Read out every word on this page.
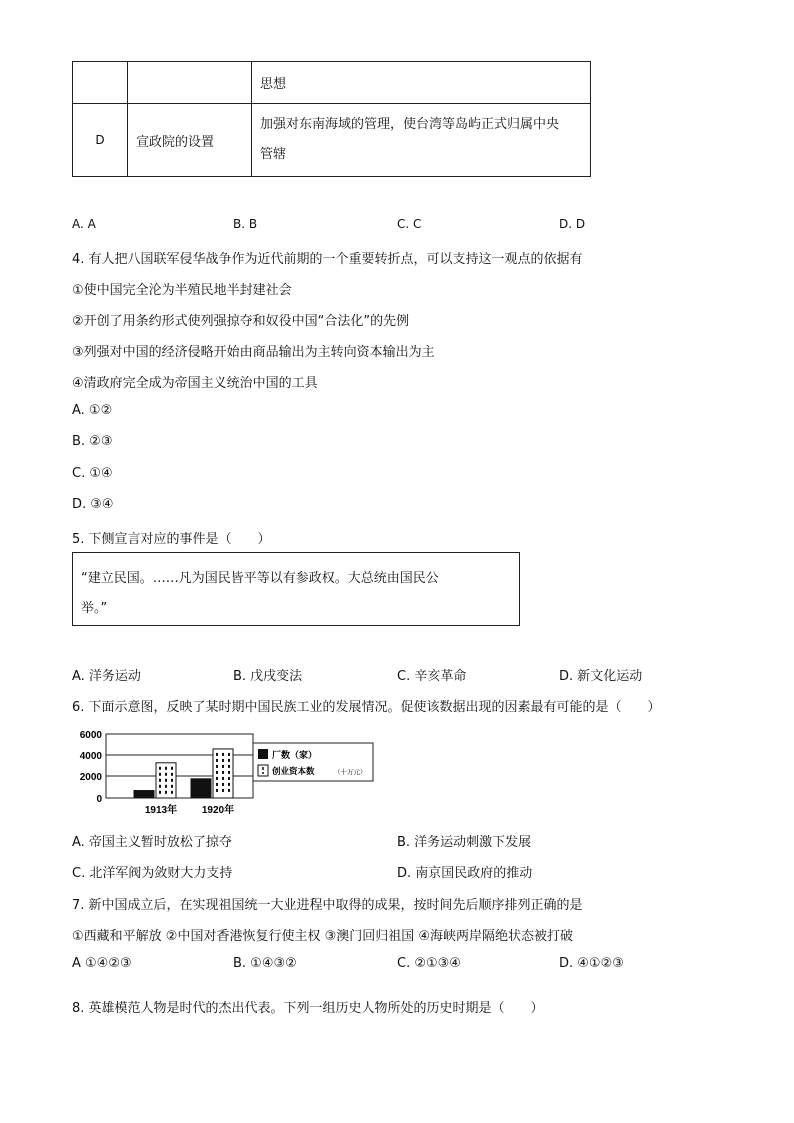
		思想
D	宣政院的设置	加强对东南海域的管理，使台湾等岛屿正式归属中央
管辖
A. A	B. B	C. C	D. D
4. 有人把八国联军侵华战争作为近代前期的一个重要转折点，可以支持这一观点的依据有
①使中国完全沦为半殖民地半封建社会
②开创了用条约形式使列强掠夺和奴役中国“合法化”的先例
③列强对中国的经济侵略开始由商品输出为主转向资本输出为主
④清政府完全成为帝国主义统治中国的工具
A. ①②
B. ②③
C. ①④
D. ③④
5. 下侧宣言对应的事件是（　　）
“建立民国。……凡为国民皆平等以有参政权。大总统由国民公
举。”
A. 洋务运动	B. 戊戌变法	C. 辛亥革命	D. 新文化运动
6. 下面示意图，反映了某时期中国民族工业的发展情况。促使该数据出现的因素最有可能的是（　　）
6000
4000
2000
0
1913年 1920年
厂数（家）
创业资本数	（十万元）
A. 帝国主义暂时放松了掠夺	B. 洋务运动刺激下发展
C. 北洋军阀为敛财大力支持	D. 南京国民政府的推动
7. 新中国成立后，在实现祖国统一大业进程中取得的成果，按时间先后顺序排列正确的是
①西藏和平解放 ②中国对香港恢复行使主权 ③澳门回归祖国 ④海峡两岸隔绝状态被打破
A ①④②③	B. ①④③②	C. ②①③④	D. ④①②③
8. 英雄模范人物是时代的杰出代表。下列一组历史人物所处的历史时期是（　　）
